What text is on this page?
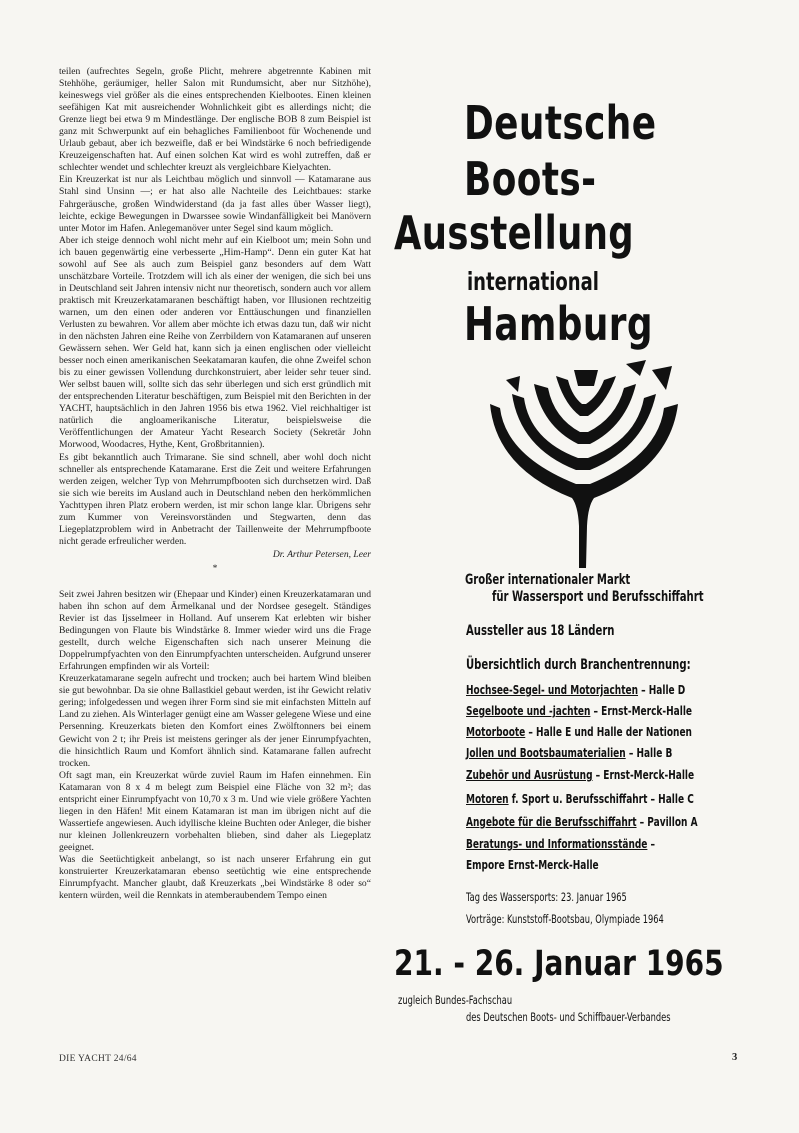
teilen (aufrechtes Segeln, große Plicht, mehrere abgetrennte Kabinen mit Stehhöhe, geräumiger, heller Salon mit Rundumsicht, aber nur Sitzhöhe), keineswegs viel größer als die eines entsprechenden Kielbootes. Einen kleinen seefähigen Kat mit ausreichender Wohnlichkeit gibt es allerdings nicht; die Grenze liegt bei etwa 9 m Mindestlänge. Der englische BOB 8 zum Beispiel ist ganz mit Schwerpunkt auf ein behagliches Familienboot für Wochenende und Urlaub gebaut, aber ich bezweifle, daß er bei Windstärke 6 noch befriedigende Kreuzeigenschaften hat. Auf einen solchen Kat wird es wohl zutreffen, daß er schlechter wendet und schlechter kreuzt als vergleichbare Kielyachten.

Ein Kreuzerkat ist nur als Leichtbau möglich und sinnvoll — Katamarane aus Stahl sind Unsinn —; er hat also alle Nachteile des Leichtbaues: starke Fahrgeräusche, großen Windwiderstand (da ja fast alles über Wasser liegt), leichte, eckige Bewegungen in Dwarssee sowie Windanfälligkeit bei Manövern unter Motor im Hafen. Anlegemanöver unter Segel sind kaum möglich.

Aber ich steige dennoch wohl nicht mehr auf ein Kielboot um; mein Sohn und ich bauen gegenwärtig eine verbesserte „Him-Hamp“. Denn ein guter Kat hat sowohl auf See als auch zum Beispiel ganz besonders auf dem Watt unschätzbare Vorteile. Trotzdem will ich als einer der wenigen, die sich bei uns in Deutschland seit Jahren intensiv nicht nur theoretisch, sondern auch vor allem praktisch mit Kreuzerkatamaranen beschäftigt haben, vor Illusionen rechtzeitig warnen, um den einen oder anderen vor Enttäuschungen und finanziellen Verlusten zu bewahren. Vor allem aber möchte ich etwas dazu tun, daß wir nicht in den nächsten Jahren eine Reihe von Zerrbildern von Katamaranen auf unseren Gewässern sehen. Wer Geld hat, kann sich ja einen englischen oder vielleicht besser noch einen amerikanischen Seekatamaran kaufen, die ohne Zweifel schon bis zu einer gewissen Vollendung durchkonstruiert, aber leider sehr teuer sind. Wer selbst bauen will, sollte sich das sehr überlegen und sich erst gründlich mit der entsprechenden Literatur beschäftigen, zum Beispiel mit den Berichten in der YACHT, hauptsächlich in den Jahren 1956 bis etwa 1962. Viel reichhaltiger ist natürlich die angloamerikanische Literatur, beispielsweise die Veröffentlichungen der Amateur Yacht Research Society (Sekretär John Morwood, Woodacres, Hythe, Kent, Großbritannien).

Es gibt bekanntlich auch Trimarane. Sie sind schnell, aber wohl doch nicht schneller als entsprechende Katamarane. Erst die Zeit und weitere Erfahrungen werden zeigen, welcher Typ von Mehrrumpfbooten sich durchsetzen wird. Daß sie sich wie bereits im Ausland auch in Deutschland neben den herkömmlichen Yachttypen ihren Platz erobern werden, ist mir schon lange klar. Übrigens sehr zum Kummer von Vereinsvorständen und Stegwarten, denn das Liegeplatzproblem wird in Anbetracht der Taillenweite der Mehrrumpfboote nicht gerade erfreulicher werden.

Dr. Arthur Petersen, Leer

*

Seit zwei Jahren besitzen wir (Ehepaar und Kinder) einen Kreuzerkatamaran und haben ihn schon auf dem Ärmelkanal und der Nordsee gesegelt. Ständiges Revier ist das Ijsselmeer in Holland. Auf unserem Kat erlebten wir bisher Bedingungen von Flaute bis Windstärke 8. Immer wieder wird uns die Frage gestellt, durch welche Eigenschaften sich nach unserer Meinung die Doppelrumpfyachten von den Einrumpfyachten unterscheiden. Aufgrund unserer Erfahrungen empfinden wir als Vorteil:

Kreuzerkatamarane segeln aufrecht und trocken; auch bei hartem Wind bleiben sie gut bewohnbar. Da sie ohne Ballastkiel gebaut werden, ist ihr Gewicht relativ gering; infolgedessen und wegen ihrer Form sind sie mit einfachsten Mitteln auf Land zu ziehen. Als Winterlager genügt eine am Wasser gelegene Wiese und eine Persenning. Kreuzerkats bieten den Komfort eines Zwölftonners bei einem Gewicht von 2 t; ihr Preis ist meistens geringer als der jener Einrumpfyachten, die hinsichtlich Raum und Komfort ähnlich sind. Katamarane fallen aufrecht trocken.

Oft sagt man, ein Kreuzerkat würde zuviel Raum im Hafen einnehmen. Ein Katamaran von 8 x 4 m belegt zum Beispiel eine Fläche von 32 m²; das entspricht einer Einrumpfyacht von 10,70 x 3 m. Und wie viele größere Yachten liegen in den Häfen! Mit einem Katamaran ist man im übrigen nicht auf die Wassertiefe angewiesen. Auch idyllische kleine Buchten oder Anleger, die bisher nur kleinen Jollenkreuzern vorbehalten blieben, sind daher als Liegeplatz geeignet.

Was die Seetüchtigkeit anbelangt, so ist nach unserer Erfahrung ein gut konstruierter Kreuzerkatamaran ebenso seetüchtig wie eine entsprechende Einrumpfyacht. Mancher glaubt, daß Kreuzerkats „bei Windstärke 8 oder so“ kentern würden, weil die Rennkats in atemberaubendem Tempo einen

Deutsche

Boots-

Ausstellung

international

Hamburg

Großer internationaler Markt

für Wassersport und Berufsschiffahrt

Aussteller aus 18 Ländern

Übersichtlich durch Branchentrennung:

Hochsee-Segel- und Motorjachten – Halle D

Segelboote und -jachten – Ernst-Merck-Halle

Motorboote – Halle E und Halle der Nationen

Jollen und Bootsbaumaterialien – Halle B

Zubehör und Ausrüstung – Ernst-Merck-Halle

Motoren f. Sport u. Berufsschiffahrt – Halle C

Angebote für die Berufsschiffahrt – Pavillon A

Beratungs- und Informationsstände –

Empore Ernst-Merck-Halle

Tag des Wassersports: 23. Januar 1965

Vorträge: Kunststoff-Bootsbau, Olympiade 1964

21. - 26. Januar 1965

zugleich Bundes-Fachschau

des Deutschen Boots- und Schiffbauer-Verbandes

DIE YACHT 24/64	3
